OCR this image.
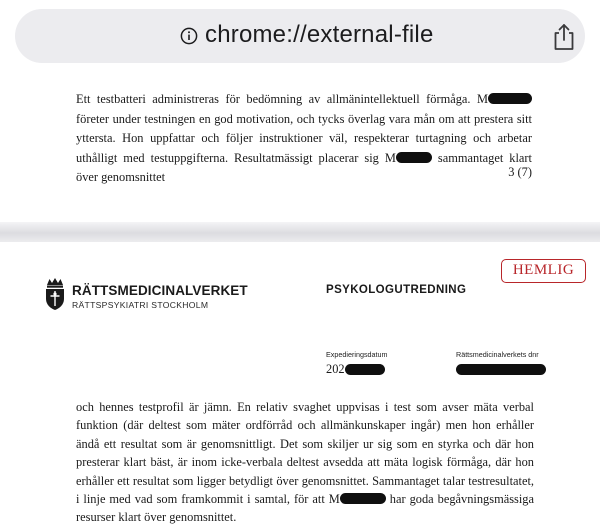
chrome://external-file

Ett testbatteri administreras för bedömning av allmänintellektuell förmåga. M företer under testningen en god motivation, och tycks överlag vara mån om att prestera sitt yttersta. Hon uppfattar och följer instruktioner väl, respekterar turtagning och arbetar uthålligt med testuppgifterna. Resultatmässigt placerar sig M	sammantaget klart över genomsnittet	3 (7)
RÄTTSMEDICINALVERKET
RÄTTSPSYKIATRI STOCKHOLM
PSYKOLOGUTREDNING
HEMLIG
Expedieringsdatum
202
Rättsmedicinalverkets dnr

och hennes testprofil är jämn. En relativ svaghet uppvisas i test som avser mäta verbal funktion (där deltest som mäter ordförråd och allmänkunskaper ingår) men hon erhåller ändå ett resultat som är genomsnittligt. Det som skiljer ur sig som en styrka och där hon presterar klart bäst, är inom icke-verbala deltest avsedda att mäta logisk förmåga, där hon erhåller ett resultat som ligger betydligt över genomsnittet. Sammantaget talar testresultatet, i linje med vad som framkommit i samtal, för att M	har goda begåvningsmässiga resurser klart över genomsnittet.
